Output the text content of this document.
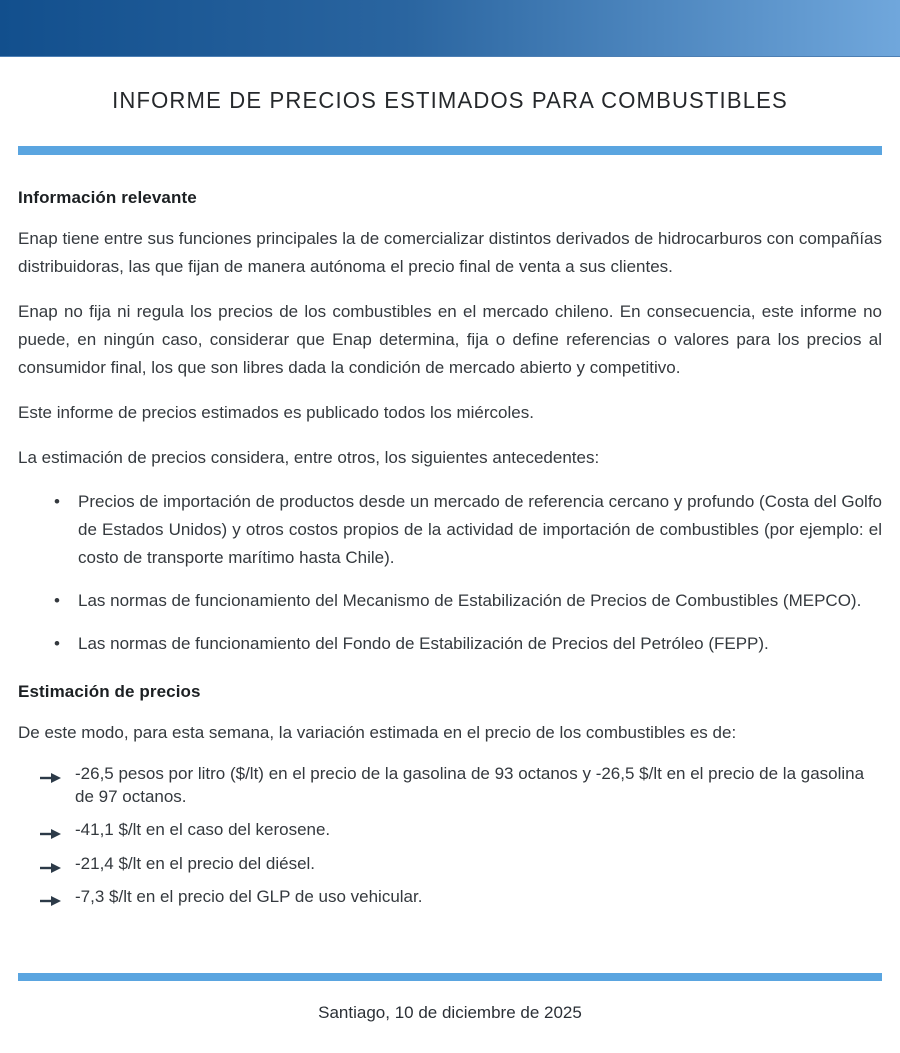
INFORME DE PRECIOS ESTIMADOS PARA COMBUSTIBLES
Información relevante

Enap tiene entre sus funciones principales la de comercializar distintos derivados de hidrocarburos con compañías distribuidoras, las que fijan de manera autónoma el precio final de venta a sus clientes.

Enap no fija ni regula los precios de los combustibles en el mercado chileno. En consecuencia, este informe no puede, en ningún caso, considerar que Enap determina, fija o define referencias o valores para los precios al consumidor final, los que son libres dada la condición de mercado abierto y competitivo.

Este informe de precios estimados es publicado todos los miércoles.

La estimación de precios considera, entre otros, los siguientes antecedentes:

• Precios de importación de productos desde un mercado de referencia cercano y profundo (Costa del Golfo de Estados Unidos) y otros costos propios de la actividad de importación de combustibles (por ejemplo: el costo de transporte marítimo hasta Chile).
• Las normas de funcionamiento del Mecanismo de Estabilización de Precios de Combustibles (MEPCO).
• Las normas de funcionamiento del Fondo de Estabilización de Precios del Petróleo (FEPP).
Estimación de precios

De este modo, para esta semana, la variación estimada en el precio de los combustibles es de:

-26,5 pesos por litro ($/lt) en el precio de la gasolina de 93 octanos y -26,5 $/lt en el precio de la gasolina de 97 octanos.
-41,1 $/lt en el caso del kerosene.
-21,4 $/lt en el precio del diésel.
-7,3 $/lt en el precio del GLP de uso vehicular.
Santiago, 10 de diciembre de 2025
